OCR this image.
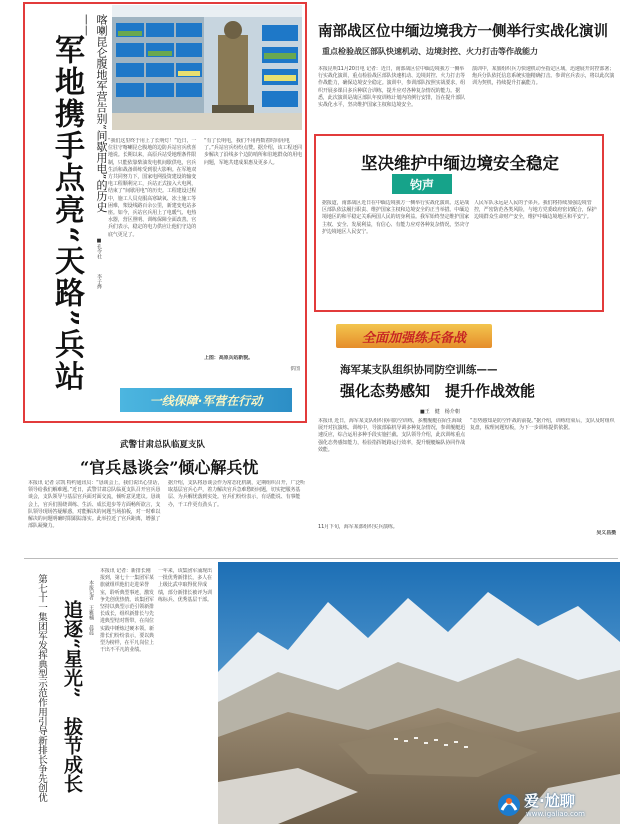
军地携手点亮“天路”兵站	喀喇昆仑腹地军营告别“间歇用电”的历史——
■孔令社
李子烨
“我们这里终于用上了长明灯！”近日，一位驻守喀喇昆仑腹地的边防兵站官兵欣喜地说。长期以来，高原兵站受地理条件限制，只能依靠柴油发电机间歇供电，官兵生活和战备训练受到很大影响。在军地双方共同努力下，国家电网投资建设的输变电工程顺利完工，兵站正式接入大电网，结束了“间歇用电”的历史。工程建设过程中，施工人员克服高寒缺氧、冻土施工等困难，架设线路百余公里，新建变电站多座。如今，兵站官兵用上了电暖气、电热水器，营区照明、训练保障全面改善。官兵们表示，稳定的电力供应让他们守边的底气更足了。
“有了长明电，我们不用再数着时间用电了。”兵站官兵纷纷点赞。据介绍，该工程还同步解决了沿线多个边防哨所和驻地群众的用电问题，军地共建成果惠及更多人。
上图：高原兵站新貌。
供图
一线保障·军营在行动
南部战区位中缅边境我方一侧举行实战化演训
重点检验战区部队快速机动、边境封控、火力打击等作战能力
本报昆明11月20日电 记者：近日，南部战区位中缅边境我方一侧举行实战化演训，重点检验战区部队快速机动、边境封控、火力打击等作战能力，确保边境安全稳定。演训中，参训部队按照实战要求，组织开展多课目多兵种联合训练，提升应对各种复杂情况的能力。据悉，此次演训是战区部队年度训练计划内的例行安排，旨在提升部队实战化水平，坚决维护国家主权和边境安全。
演训中，某旅组织兵力快速机动至指定区域，迅速展开封控部署；炮兵分队依托信息系统实施精确打击。参训官兵表示，将以此次演训为契机，持续提升打赢能力。
坚决维护中缅边境安全稳定
钧声
据报道，南部战区近日在中缅边境我方一侧举行实战化演训。这是战区部队依法履行职责、维护国家主权和边境安全的正当举措。中缅边境地区的和平稳定关系两国人民的切身利益。我军始终坚定维护国家主权、安全、发展利益，有信心、有能力应对各种复杂情况，坚决守护边境地区人民安宁。
人民军队永远是人民的子弟兵。我们将持续加强边境管控，严密防范各类风险，与地方党委政府密切配合，保护边境群众生命财产安全，维护中缅边境地区和平安宁。
全面加强练兵备战
海军某支队组织协同防空训练——
强化态势感知　提升作战效能
■王　健　杨介朝
本报讯 近日，海军某支队组织协同防空训练，多艘舰艇在陌生海域展开对抗演练。训练中，导演部临机导调多种复杂情况，参训舰艇迅速反应，综合运用多种手段实施拦截。支队领导介绍，此次训练重点强化态势感知能力，检验指挥链路运行效率，提升舰艇编队协同作战效能。
“态势感知是防空作战的前提。”据介绍，训练结束后，支队及时组织复盘，梳理问题短板，为下一步训练提供依据。
11月下旬，海军某部组织实兵演练。
吴义昌摄
武警甘肃总队临夏支队
“官兵恳谈会”倾心解兵忧
本报讯 记者 宗凯 特约通讯员：“恳谈会上，我们说出心里话，领导给我们解难题。”近日，武警甘肃总队临夏支队召开官兵恳谈会，支队领导与基层官兵面对面交流，倾听意见建议。恳谈会上，官兵们围绕训练、生活、成长进步等方面畅所欲言，支队领导现场答疑解惑，对能解决的问题当场拍板，对一时难以解决的问题明确时限跟踪落实。此举拉近了官兵距离，增强了部队凝聚力。
据介绍，支队将恳谈会作为常态化机制，定期组织召开，广泛听取基层官兵心声，着力解决官兵急难愁盼问题，切实把服务基层、为兵解忧落到实处。官兵们纷纷表示，有话能说、有事能办，干工作更有劲头了。
第七十一集团军发挥典型示范作用引导新排长争先创优 追逐“星光”　拔节成长	本报记者　王雅楠　晨晨
本报讯 记者：新排长刚报到，第七十一集团军某旅就组织他们走进荣誉室，聆听典型事迹，激发争先创优热情。该集团军坚持以典型示范引领新排长成长，组织新排长与先进典型结对帮带，在岗位实践中锤炼过硬本领。新排长们纷纷表示，要以典型为榜样，在平凡岗位上干出不平凡的业绩。
一年来，该集团军涌现出一批优秀新排长，多人在上级比武中取得优异成绩，部分新排长被评为训练标兵、优秀基层干部。
爱·尬聊
www.igaliao.com
